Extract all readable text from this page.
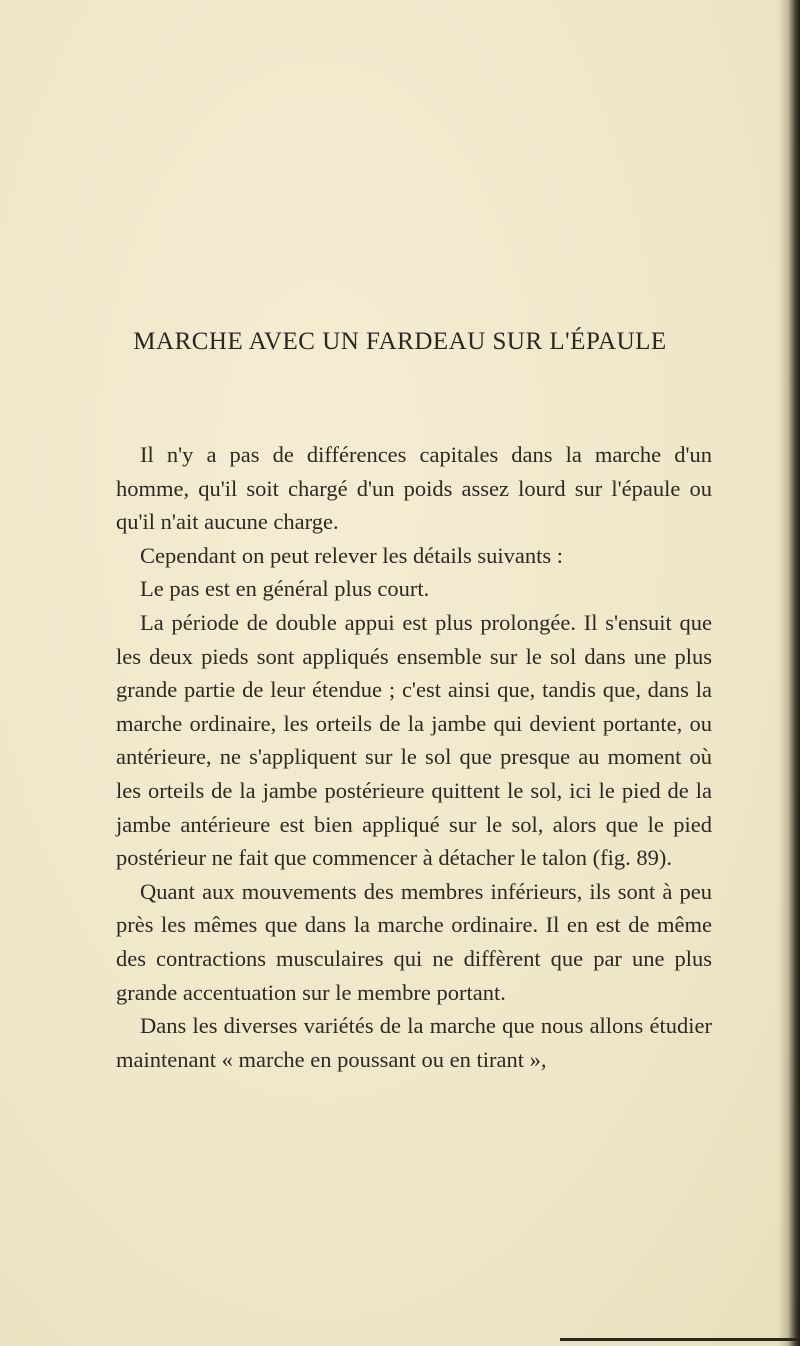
MARCHE AVEC UN FARDEAU SUR L'ÉPAULE

Il n'y a pas de différences capitales dans la marche d'un homme, qu'il soit chargé d'un poids assez lourd sur l'épaule ou qu'il n'ait aucune charge.

Cependant on peut relever les détails suivants :

Le pas est en général plus court.

La période de double appui est plus prolongée. Il s'ensuit que les deux pieds sont appliqués ensemble sur le sol dans une plus grande partie de leur étendue ; c'est ainsi que, tandis que, dans la marche ordinaire, les orteils de la jambe qui devient portante, ou antérieure, ne s'appliquent sur le sol que presque au moment où les orteils de la jambe postérieure quittent le sol, ici le pied de la jambe antérieure est bien appliqué sur le sol, alors que le pied postérieur ne fait que commencer à détacher le talon (fig. 89).

Quant aux mouvements des membres inférieurs, ils sont à peu près les mêmes que dans la marche ordinaire. Il en est de même des contractions musculaires qui ne diffèrent que par une plus grande accentuation sur le membre portant.

Dans les diverses variétés de la marche que nous allons étudier maintenant « marche en poussant ou en tirant »,
